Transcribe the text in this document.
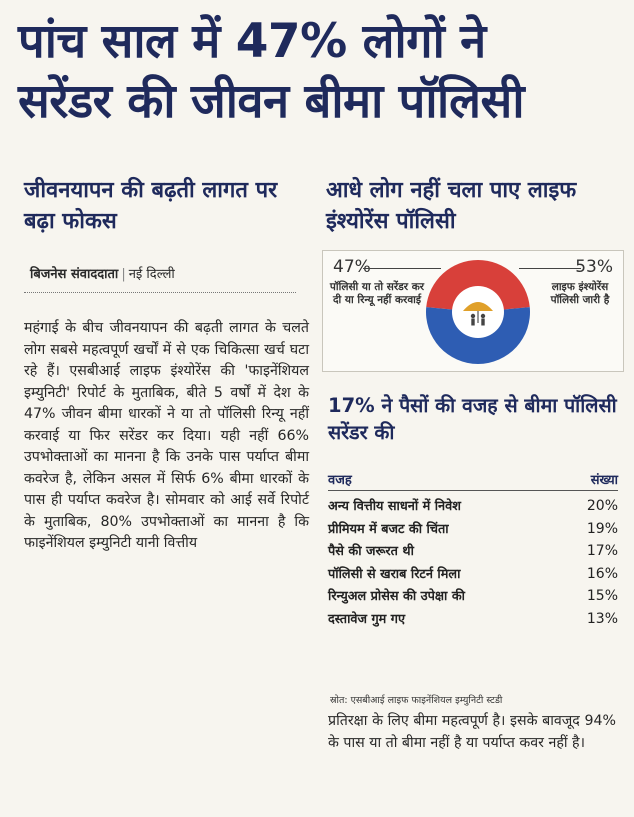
पांच साल में 47% लोगों ने
सरेंडर की जीवन बीमा पॉलिसी
जीवनयापन की बढ़ती लागत पर बढ़ा फोकस
आधे लोग नहीं चला पाए लाइफ इंश्योरेंस पॉलिसी
बिजनेस संवाददाता | नई दिल्ली
महंगाई के बीच जीवनयापन की बढ़ती लागत के चलते लोग सबसे महत्वपूर्ण खर्चों में से एक चिकित्सा खर्च घटा रहे हैं। एसबीआई लाइफ इंश्योरेंस की 'फाइनेंशियल इम्युनिटी' रिपोर्ट के मुताबिक, बीते 5 वर्षों में देश के 47% जीवन बीमा धारकों ने या तो पॉलिसी रिन्यू नहीं करवाई या फिर सरेंडर कर दिया। यही नहीं 66% उपभोक्ताओं का मानना है कि उनके पास पर्याप्त बीमा कवरेज है, लेकिन असल में सिर्फ 6% बीमा धारकों के पास ही पर्याप्त कवरेज है। सोमवार को आई सर्वे रिपोर्ट के मुताबिक, 80% उपभोक्ताओं का मानना है कि फाइनेंशियल इम्युनिटी यानी वित्तीय
47%
पॉलिसी या तो सरेंडर कर दी या रिन्यू नहीं करवाई
53%
लाइफ इंश्योरेंस पॉलिसी जारी है
17% ने पैसों की वजह से बीमा पॉलिसी सरेंडर की
वजह	संख्या
अन्य वित्तीय साधनों में निवेश	20%
प्रीमियम में बजट की चिंता	19%
पैसे की जरूरत थी	17%
पॉलिसी से खराब रिटर्न मिला	16%
रिन्युअल प्रोसेस की उपेक्षा की	15%
दस्तावेज गुम गए	13%
स्रोत: एसबीआई लाइफ फाइनेंशियल इम्युनिटी स्टडी
प्रतिरक्षा के लिए बीमा महत्वपूर्ण है। इसके बावजूद 94% के पास या तो बीमा नहीं है या पर्याप्त कवर नहीं है।
